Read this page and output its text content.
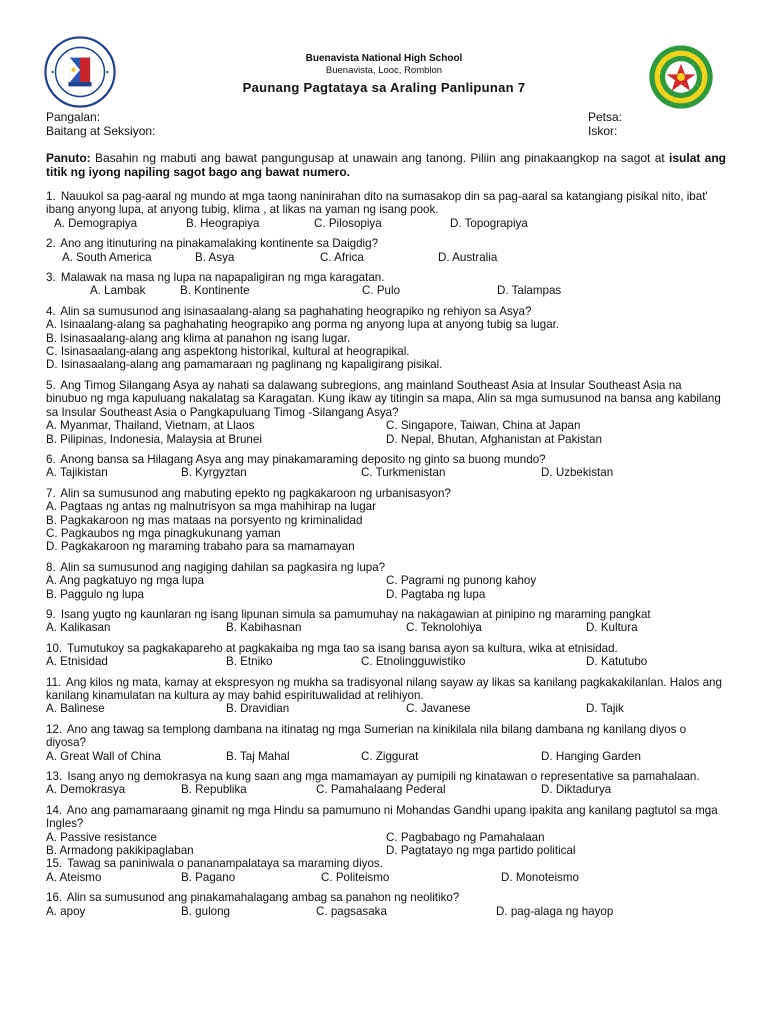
Buenavista National High School
Buenavista, Looc, Romblon
Paunang Pagtataya sa Araling Panlipunan 7
Pangalan:
Baitang at Seksiyon:
Petsa:
Iskor:
Panuto: Basahin ng mabuti ang bawat pangungusap at unawain ang tanong. Piliin ang pinakaangkop na sagot at isulat ang titik ng iyong napiling sagot bago ang bawat numero.
1. Nauukol sa pag-aaral ng mundo at mga taong naninirahan dito na sumasakop din sa pag-aaral sa katangiang pisikal nito, ibat' ibang anyong lupa, at anyong tubig, klima , at likas na yaman ng isang pook.
A. Demograpiya	B. Heograpiya	C. Pilosopiya	D. Topograpiya
2. Ano ang itinuturing na pinakamalaking kontinente sa Daigdig?
A. South America	B. Asya	C. Africa	D. Australia
3. Malawak na masa ng lupa na napapaligiran ng mga karagatan.
A. Lambak	B. Kontinente	C. Pulo	D. Talampas
4. Alin sa sumusunod ang isinasaalang-alang sa paghahating heograpiko ng rehiyon sa Asya?
A. Isinaalang-alang sa paghahating heograpiko ang porma ng anyong lupa at anyong tubig sa lugar.
B. Isinasaalang-alang ang klima at panahon ng isang lugar.
C. Isinasaalang-alang ang aspektong historikal, kultural at heograpikal.
D. Isinasaalang-alang ang pamamaraan ng paglinang ng kapaligirang pisikal.
5. Ang Timog Silangang Asya ay nahati sa dalawang subregions, ang mainland Southeast Asia at Insular Southeast Asia na binubuo ng mga kapuluang nakalatag sa Karagatan. Kung ikaw ay titingin sa mapa, Alin sa mga sumusunod na bansa ang kabilang sa Insular Southeast Asia o Pangkapuluang Timog -Silangang Asya?
A. Myanmar, Thailand, Vietnam, at Llaos	C. Singapore, Taiwan, China at Japan
B. Pilipinas, Indonesia, Malaysia at Brunei	D. Nepal, Bhutan, Afghanistan at Pakistan
6. Anong bansa sa Hilagang Asya ang may pinakamaraming deposito ng ginto sa buong mundo?
A. Tajikistan	B. Kyrgyztan	C. Turkmenistan	D. Uzbekistan
7. Alin sa sumusunod ang mabuting epekto ng pagkakaroon ng urbanisasyon?
A. Pagtaas ng antas ng malnutrisyon sa mga mahihirap na lugar
B. Pagkakaroon ng mas mataas na porsyento ng kriminalidad
C. Pagkaubos ng mga pinagkukunang yaman
D. Pagkakaroon ng maraming trabaho para sa mamamayan
8. Alin sa sumusunod ang nagiging dahilan sa pagkasira ng lupa?
A. Ang pagkatuyo ng mga lupa	C. Pagrami ng punong kahoy
B. Paggulo ng lupa	D. Pagtaba ng lupa
9. Isang yugto ng kaunlaran ng isang lipunan simula sa pamumuhay na nakagawian at pinipino ng maraming pangkat
A. Kalikasan	B. Kabihasnan	C. Teknolohiya	D. Kultura
10. Tumutukoy sa pagkakapareho at pagkakaiba ng mga tao sa isang bansa ayon sa kultura, wika at etnisidad.
A. Etnisidad	B. Etniko	C. Etnolingguwistiko	D. Katutubo
11. Ang kilos ng mata, kamay at ekspresyon ng mukha sa tradisyonal nilang sayaw ay likas sa kanilang pagkakakilanlan. Halos ang kanilang kinamulatan na kultura ay may bahid espirituwalidad at relihiyon.
A. Balinese	B. Dravidian	C. Javanese	D. Tajik
12. Ano ang tawag sa templong dambana na itinatag ng mga Sumerian na kinikilala nila bilang dambana ng kanilang diyos o diyosa?
A. Great Wall of China	B. Taj Mahal	C. Ziggurat	D. Hanging Garden
13. Isang anyo ng demokrasya na kung saan ang mga mamamayan ay pumipili ng kinatawan o representative sa pamahalaan.
A. Demokrasya	B. Republika	C. Pamahalaang Pederal	D. Diktadurya
14. Ano ang pamamaraang ginamit ng mga Hindu sa pamumuno ni Mohandas Gandhi upang ipakita ang kanilang pagtutol sa mga Ingles?
A. Passive resistance	C. Pagbabago ng Pamahalaan
B. Armadong pakikipaglaban	D. Pagtatayo ng mga partido political
15. Tawag sa paniniwala o pananampalataya sa maraming diyos.
A. Ateismo	B. Pagano	C. Politeismo	D. Monoteismo
16. Alin sa sumusunod ang pinakamahalagang ambag sa panahon ng neolitiko?
A. apoy	B. gulong	C. pagsasaka	D. pag-alaga ng hayop
